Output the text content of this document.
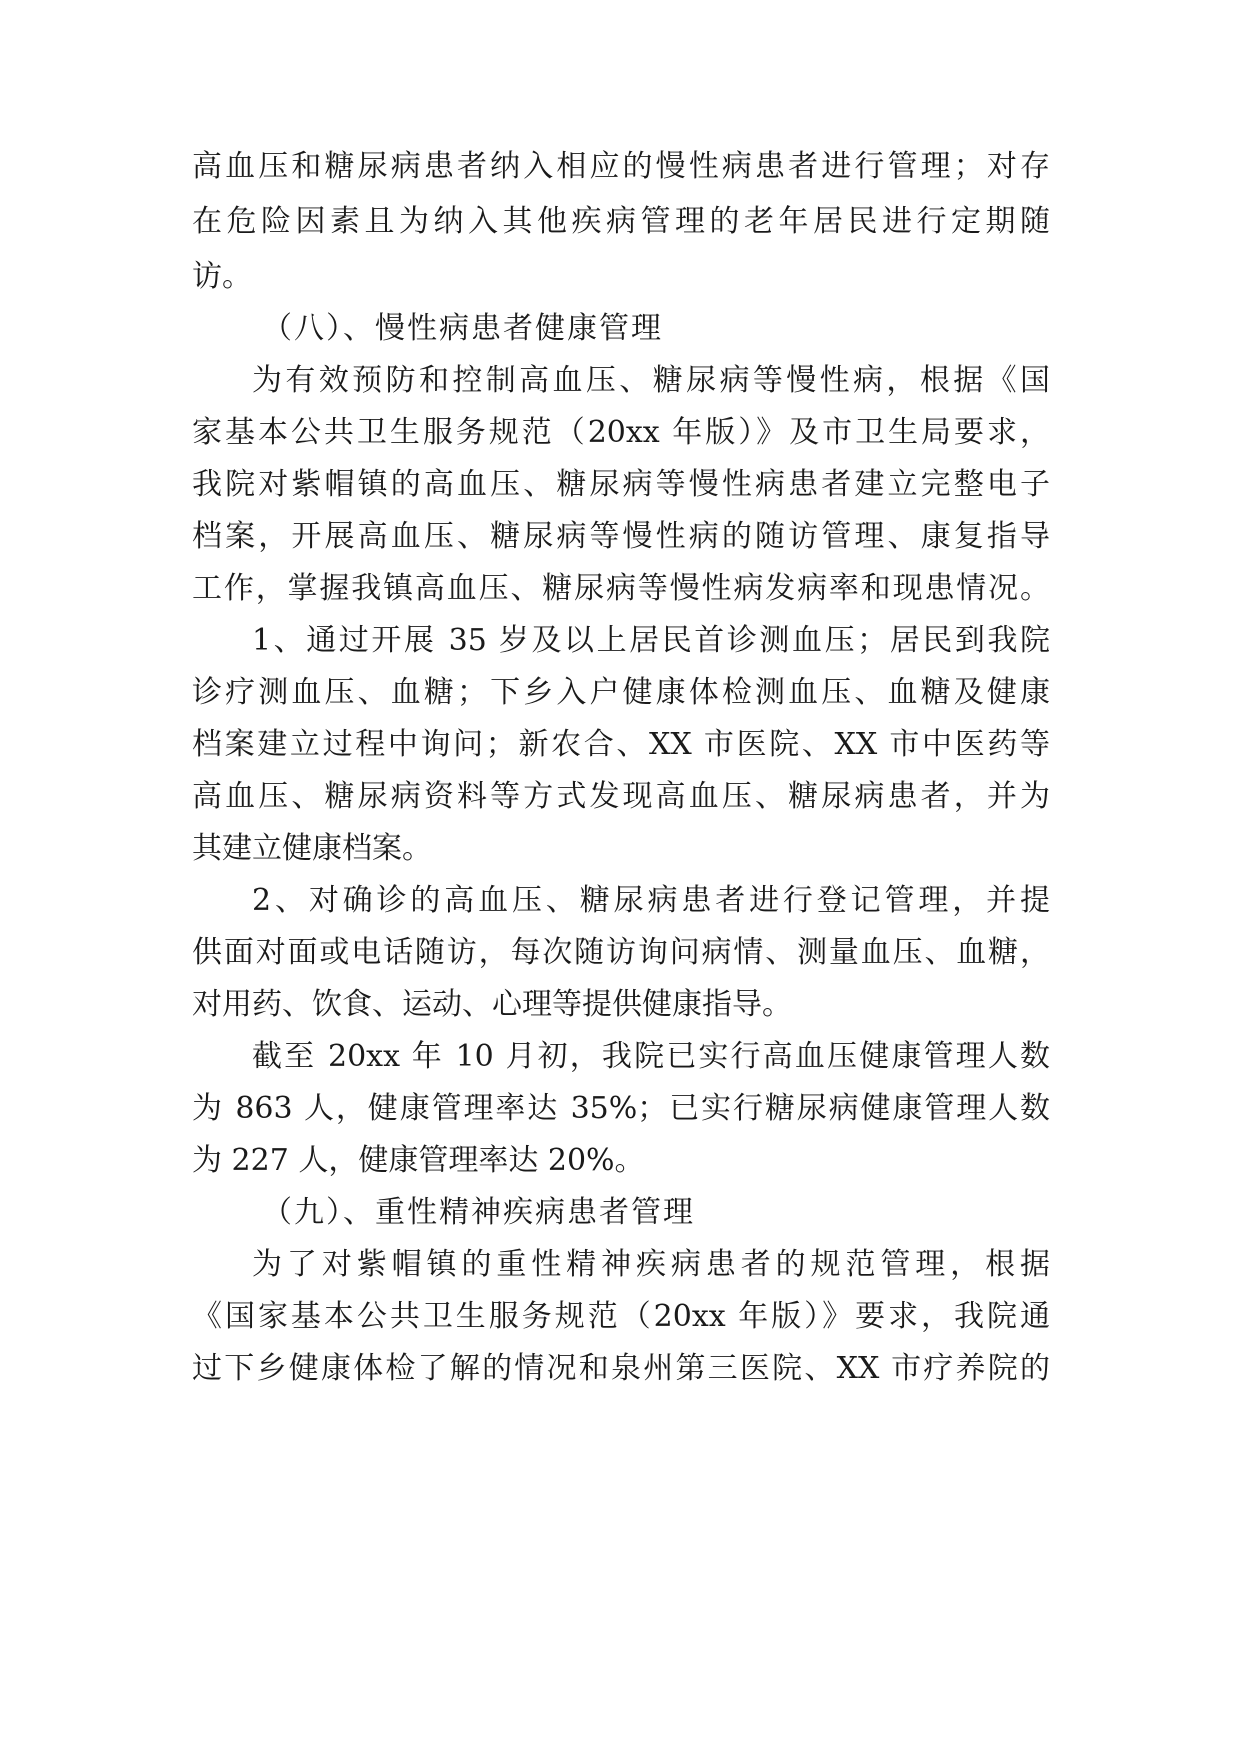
高血压和糖尿病患者纳入相应的慢性病患者进行管理；对存
在危险因素且为纳入其他疾病管理的老年居民进行定期随
访。
（八）、慢性病患者健康管理
为有效预防和控制高血压、糖尿病等慢性病，根据《国
家基本公共卫生服务规范（20xx 年版）》及市卫生局要求，
我院对紫帽镇的高血压、糖尿病等慢性病患者建立完整电子
档案，开展高血压、糖尿病等慢性病的随访管理、康复指导
工作，掌握我镇高血压、糖尿病等慢性病发病率和现患情况。
1、通过开展 35 岁及以上居民首诊测血压；居民到我院
诊疗测血压、血糖；下乡入户健康体检测血压、血糖及健康
档案建立过程中询问；新农合、XX 市医院、XX 市中医药等
高血压、糖尿病资料等方式发现高血压、糖尿病患者，并为
其建立健康档案。
2、对确诊的高血压、糖尿病患者进行登记管理，并提
供面对面或电话随访，每次随访询问病情、测量血压、血糖，
对用药、饮食、运动、心理等提供健康指导。
截至 20xx 年 10 月初，我院已实行高血压健康管理人数
为 863 人，健康管理率达 35%；已实行糖尿病健康管理人数
为 227 人，健康管理率达 20%。
（九）、重性精神疾病患者管理
为了对紫帽镇的重性精神疾病患者的规范管理，根据
《国家基本公共卫生服务规范（20xx 年版）》要求，我院通
过下乡健康体检了解的情况和泉州第三医院、XX 市疗养院的
